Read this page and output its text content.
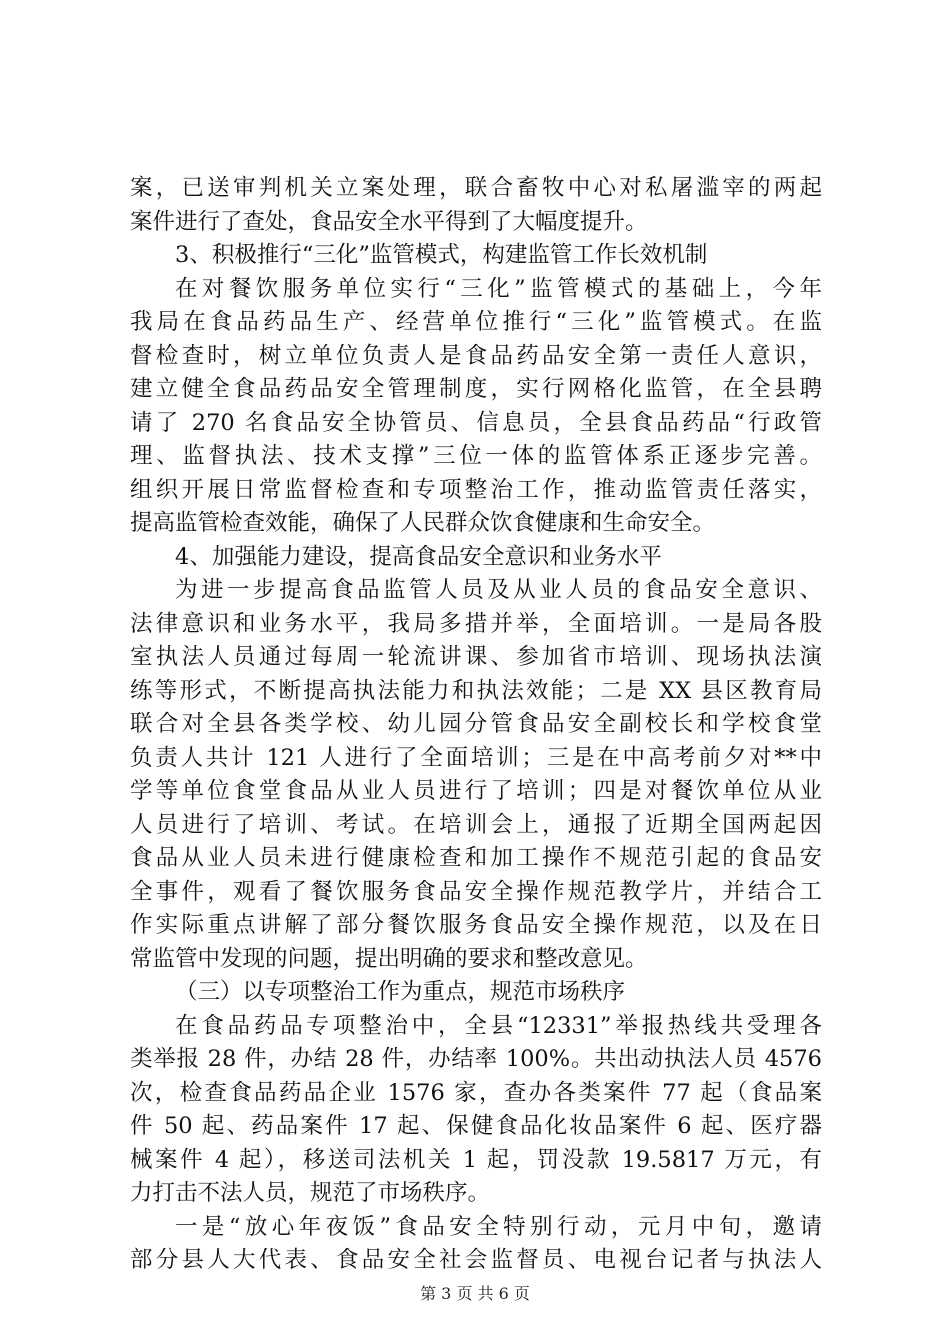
案，已送审判机关立案处理，联合畜牧中心对私屠滥宰的两起
案件进行了查处，食品安全水平得到了大幅度提升。
3、积极推行“三化”监管模式，构建监管工作长效机制
在对餐饮服务单位实行“三化”监管模式的基础上，今年
我局在食品药品生产、经营单位推行“三化”监管模式。在监
督检查时，树立单位负责人是食品药品安全第一责任人意识，
建立健全食品药品安全管理制度，实行网格化监管，在全县聘
请了 270 名食品安全协管员、信息员，全县食品药品“行政管
理、监督执法、技术支撑”三位一体的监管体系正逐步完善。
组织开展日常监督检查和专项整治工作，推动监管责任落实，
提高监管检查效能，确保了人民群众饮食健康和生命安全。
4、加强能力建设，提高食品安全意识和业务水平
为进一步提高食品监管人员及从业人员的食品安全意识、
法律意识和业务水平，我局多措并举，全面培训。一是局各股
室执法人员通过每周一轮流讲课、参加省市培训、现场执法演
练等形式，不断提高执法能力和执法效能；二是 XX 县区教育局
联合对全县各类学校、幼儿园分管食品安全副校长和学校食堂
负责人共计 121 人进行了全面培训；三是在中高考前夕对**中
学等单位食堂食品从业人员进行了培训；四是对餐饮单位从业
人员进行了培训、考试。在培训会上，通报了近期全国两起因
食品从业人员未进行健康检查和加工操作不规范引起的食品安
全事件，观看了餐饮服务食品安全操作规范教学片，并结合工
作实际重点讲解了部分餐饮服务食品安全操作规范，以及在日
常监管中发现的问题，提出明确的要求和整改意见。
（三）以专项整治工作为重点，规范市场秩序
在食品药品专项整治中，全县“12331”举报热线共受理各
类举报 28 件，办结 28 件，办结率 100%。共出动执法人员 4576
次，检查食品药品企业 1576 家，查办各类案件 77 起（食品案
件 50 起、药品案件 17 起、保健食品化妆品案件 6 起、医疗器
械案件 4 起），移送司法机关 1 起，罚没款 19.5817 万元，有
力打击不法人员，规范了市场秩序。
一是“放心年夜饭”食品安全特别行动，元月中旬，邀请
部分县人大代表、食品安全社会监督员、电视台记者与执法人
第 3 页 共 6 页
